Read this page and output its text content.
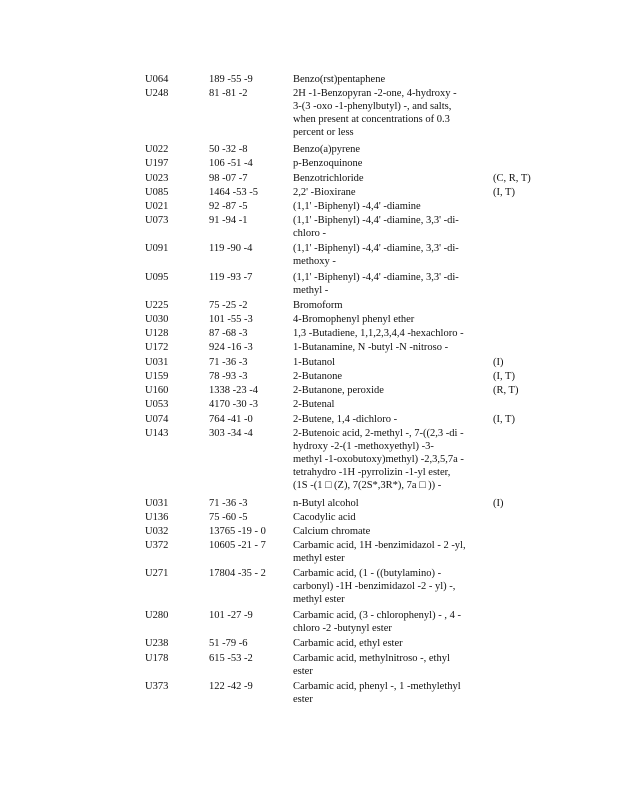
U064	189 -55 -9	Benzo(rst)pentaphene
U248	81 -81 -2	2H -1-Benzopyran -2-one, 4-hydroxy -
3-(3 -oxo -1-phenylbutyl) -, and salts,
when present at concentrations of 0.3
percent or less
U022	50 -32 -8	Benzo(a)pyrene
U197	106 -51 -4	p-Benzoquinone
U023	98 -07 -7	Benzotrichloride	(C, R, T)
U085	1464 -53 -5	2,2' -Bioxirane	(I, T)
U021	92 -87 -5	(1,1' -Biphenyl) -4,4' -diamine
U073	91 -94 -1	(1,1' -Biphenyl) -4,4' -diamine, 3,3' -di-
chloro -
U091	119 -90 -4	(1,1' -Biphenyl) -4,4' -diamine, 3,3' -di-
methoxy -
U095	119 -93 -7	(1,1' -Biphenyl) -4,4' -diamine, 3,3' -di-
methyl -
U225	75 -25 -2	Bromoform
U030	101 -55 -3	4-Bromophenyl phenyl ether
U128	87 -68 -3	1,3 -Butadiene, 1,1,2,3,4,4 -hexachloro -
U172	924 -16 -3	1-Butanamine, N -butyl -N -nitroso -
U031	71 -36 -3	1-Butanol	(I)
U159	78 -93 -3	2-Butanone	(I, T)
U160	1338 -23 -4	2-Butanone, peroxide	(R, T)
U053	4170 -30 -3	2-Butenal
U074	764 -41 -0	2-Butene, 1,4 -dichloro -	(I, T)
U143	303 -34 -4	2-Butenoic acid, 2-methyl -, 7-((2,3 -di -
hydroxy -2-(1 -methoxyethyl) -3-
methyl -1-oxobutoxy)methyl) -2,3,5,7a -
tetrahydro -1H -pyrrolizin -1-yl ester,
(1S -(1 □ (Z), 7(2S*,3R*), 7a □ )) -
U031	71 -36 -3	n-Butyl alcohol	(I)
U136	75 -60 -5	Cacodylic acid
U032	13765 -19 - 0	Calcium chromate
U372	10605 -21 - 7	Carbamic acid, 1H -benzimidazol - 2 -yl,
methyl ester
U271	17804 -35 - 2	Carbamic acid, (1 - ((butylamino) -
carbonyl) -1H -benzimidazol -2 - yl) -,
methyl ester
U280	101 -27 -9	Carbamic acid, (3 - chlorophenyl) - , 4 -
chloro -2 -butynyl ester
U238	51 -79 -6	Carbamic acid, ethyl ester
U178	615 -53 -2	Carbamic acid, methylnitroso -, ethyl
ester
U373	122 -42 -9	Carbamic acid, phenyl -, 1 -methylethyl
ester
